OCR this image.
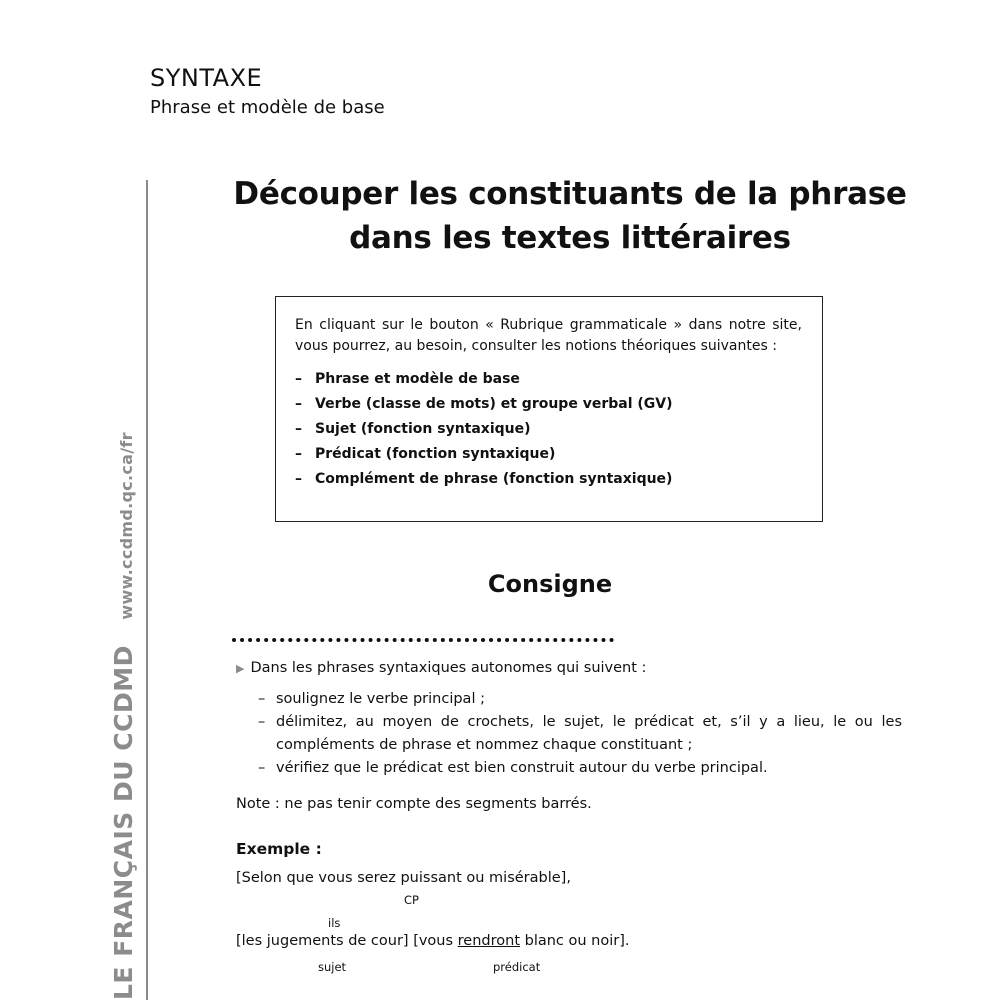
SYNTAXE
Phrase et modèle de base
LE FRANÇAIS DU CCDMD www.ccdmd.qc.ca/fr
Découper les constituants de la phrase
dans les textes littéraires

En cliquant sur le bouton « Rubrique grammaticale » dans notre site, vous pourrez, au besoin, consulter les notions théoriques suivantes :

– Phrase et modèle de base
– Verbe (classe de mots) et groupe verbal (GV)
– Sujet (fonction syntaxique)
– Prédicat (fonction syntaxique)
– Complément de phrase (fonction syntaxique)
Consigne

▶ Dans les phrases syntaxiques autonomes qui suivent :

– soulignez le verbe principal ;
– délimitez, au moyen de crochets, le sujet, le prédicat et, s’il y a lieu, le ou les compléments de phrase et nommez chaque constituant ;
– vérifiez que le prédicat est bien construit autour du verbe principal.
Note : ne pas tenir compte des segments barrés.
Exemple :
[Selon que vous serez puissant ou misérable],
CP
ils
[les jugements de cour] [vous rendront blanc ou noir].
sujet	prédicat
